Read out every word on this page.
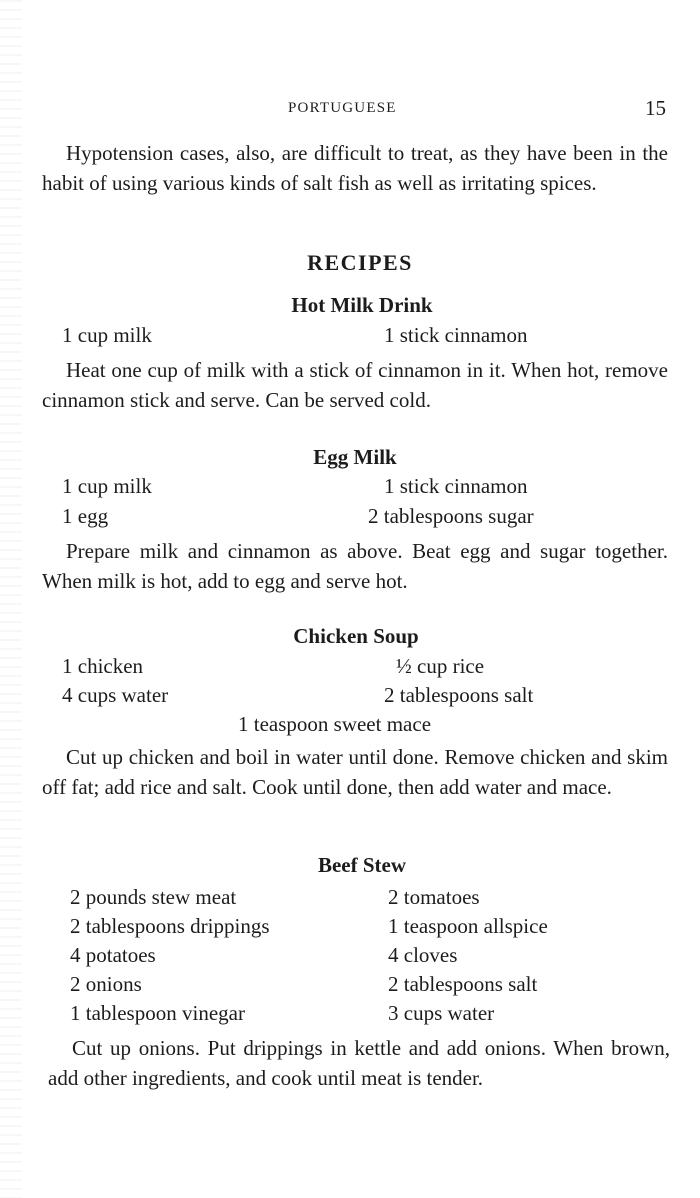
PORTUGUESE	15

Hypotension cases, also, are difficult to treat, as they have been in the habit of using various kinds of salt fish as well as irritating spices.

RECIPES
Hot Milk Drink
1 cup milk	1 stick cinnamon

Heat one cup of milk with a stick of cinnamon in it. When hot, remove cinnamon stick and serve. Can be served cold.

Egg Milk
1 cup milk	1 stick cinnamon
1 egg	2 tablespoons sugar

Prepare milk and cinnamon as above. Beat egg and sugar together. When milk is hot, add to egg and serve hot.

Chicken Soup
1 chicken	½ cup rice
4 cups water	2 tablespoons salt
1 teaspoon sweet mace

Cut up chicken and boil in water until done. Remove chicken and skim off fat; add rice and salt. Cook until done, then add water and mace.

Beef Stew
2 pounds stew meat	2 tomatoes
2 tablespoons drippings	1 teaspoon allspice
4 potatoes	4 cloves
2 onions	2 tablespoons salt
1 tablespoon vinegar	3 cups water

Cut up onions. Put drippings in kettle and add onions. When brown, add other ingredients, and cook until meat is tender.
